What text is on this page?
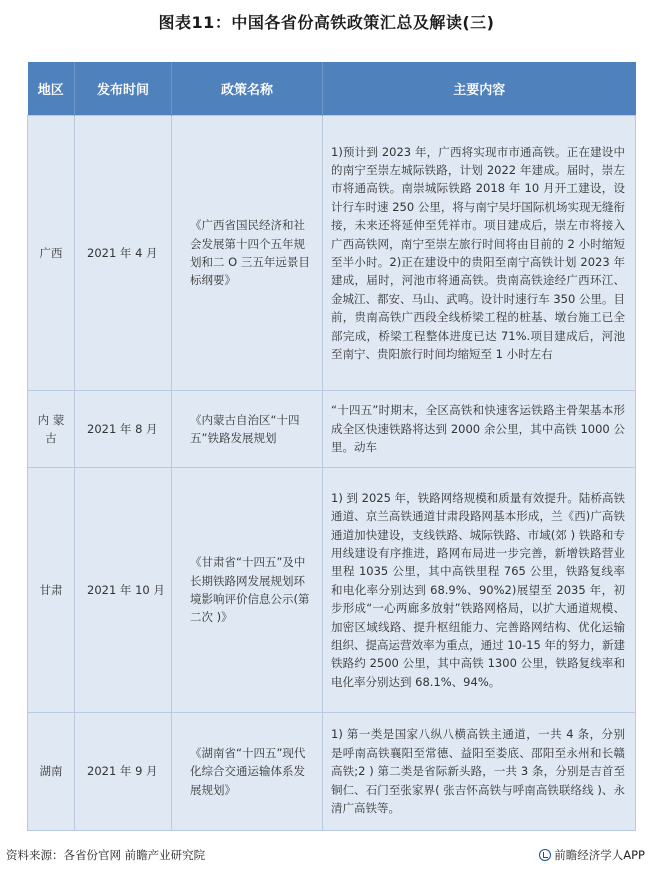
图表11：中国各省份高铁政策汇总及解读(三)
地区	发布时间	政策名称	主要内容
广西	2021 年 4 月	《广西省国民经济和社会发展第十四个五年规划和二 O 三五年远景目标纲要》	1)预计到 2023 年，广西将实现市市通高铁。正在建设中的南宁至崇左城际铁路，计划 2022 年建成。届时，崇左市将通高铁。南崇城际铁路 2018 年 10 月开工建设，设计行车时速 250 公里，将与南宁吴圩国际机场实现无缝衔接，未来还将延伸至凭祥市。项目建成后，崇左市将接入广西高铁网，南宁至崇左旅行时间将由目前的 2 小时缩短至半小时。2)正在建设中的贵阳至南宁高铁计划 2023 年建成，届时，河池市将通高铁。贵南高铁途经广西环江、金城江、都安、马山、武鸣。设计时速行车 350 公里。目前，贵南高铁广西段全线桥梁工程的桩基、墩台施工已全部完成，桥梁工程整体进度已达 71%.项目建成后，河池至南宁、贵阳旅行时间均缩短至 1 小时左右
内 蒙 古	2021 年 8 月	《内蒙古自治区“十四五”铁路发展规划	“十四五”时期末，全区高铁和快速客运铁路主骨架基本形成全区快速铁路将达到 2000 余公里，其中高铁 1000 公里。动车
甘肃	2021 年 10 月	《甘肃省“十四五”及中长期铁路网发展规划环境影响评价信息公示(第二次 )》	1) 到 2025 年，铁路网络规模和质量有效提升。陆桥高铁通道、京兰高铁通道甘肃段路网基本形成，兰《西)广高铁通道加快建设，支线铁路、城际铁路、市域(郊 ) 铁路和专用线建设有序推进，路网布局进一步完善，新增铁路营业里程 1035 公里，其中高铁里程 765 公里，铁路复线率和电化率分别达到 68.9%、90%2)展望至 2035 年，初步形成“一心两廊多放射”铁路网格局，以扩大通道规模、加密区域线路、提升枢纽能力、完善路网结构、优化运输组织、提高运营效率为重点，通过 10-15 年的努力，新建铁路约 2500 公里，其中高铁 1300 公里，铁路复线率和电化率分别达到 68.1%、94%。
湖南	2021 年 9 月	《湖南省“十四五”现代化综合交通运输体系发展规划》	1) 第一类是国家八纵八横高铁主通道，一共 4 条，分别是呼南高铁襄阳至常德、益阳至娄底、邵阳至永州和长赣高铁;2 ) 第二类是省际新头路，一共 3 条，分别是吉首至铜仁、石门至张家界( 张吉怀高铁与呼南高铁联络线 )、永清广高铁等。
资料来源：各省份官网 前瞻产业研究院	前瞻经济学人APP
